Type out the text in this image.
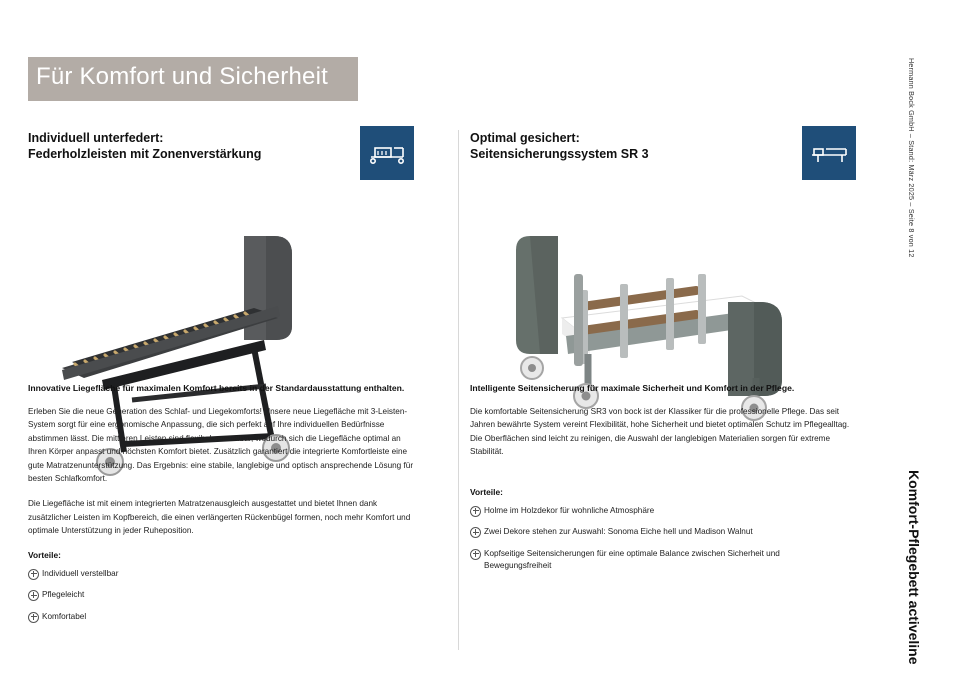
Für Komfort und Sicherheit
Individuell unterfedert:
Federholzleisten mit Zonenverstärkung

Innovative Liegefläche für maximalen Komfort bereits in der Standardausstattung enthalten.

Erleben Sie die neue Generation des Schlaf- und Liegekomforts! Unsere neue Liegefläche mit 3-Leisten-System sorgt für eine ergonomische Anpassung, die sich perfekt auf Ihre individuellen Bedürfnisse abstimmen lässt. Die mittleren Leisten sind flexibel verstellbar, wodurch sich die Liegefläche optimal an Ihren Körper anpasst und höchsten Komfort bietet. Zusätzlich garantiert die integrierte Komfortleiste eine gute Matratzenunterstützung. Das Ergebnis: eine stabile, langlebige und optisch ansprechende Lösung für besten Schlafkomfort.

Die Liegefläche ist mit einem integrierten Matratzenausgleich ausgestattet und bietet Ihnen dank zusätzlicher Leisten im Kopfbereich, die einen verlängerten Rückenbügel formen, noch mehr Komfort und optimale Unterstützung in jeder Ruheposition.

Vorteile:
Individuell verstellbar
Pflegeleicht
Komfortabel
Optimal gesichert:
Seitensicherungssystem SR 3

Intelligente Seitensicherung für maximale Sicherheit und Komfort in der Pflege.

Die komfortable Seitensicherung SR3 von bock ist der Klassiker für die professionelle Pflege. Das seit Jahren bewährte System vereint Flexibilität, hohe Sicherheit und bietet optimalen Schutz im Pflegealltag. Die Oberflächen sind leicht zu reinigen, die Auswahl der langlebigen Materialien sorgen für extreme Stabilität.

Vorteile:
Holme im Holzdekor für wohnliche Atmosphäre
Zwei Dekore stehen zur Auswahl: Sonoma Eiche hell und Madison Walnut
Kopfseitige Seitensicherungen für eine optimale Balance zwischen Sicherheit und Bewegungsfreiheit
Hermann Bock GmbH – Stand: März 2025 – Seite 8 von 12
Komfort-Pflegebett activeline
